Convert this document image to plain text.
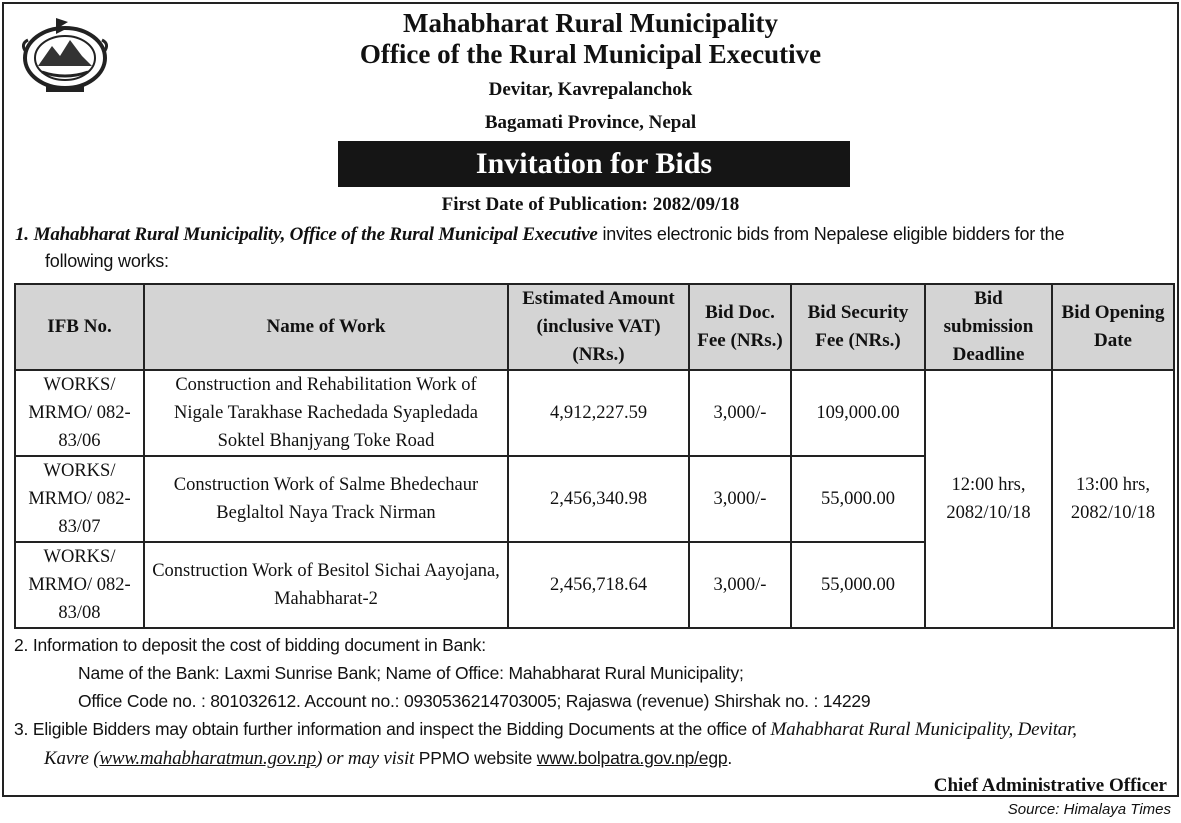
Mahabharat Rural Municipality
Office of the Rural Municipal Executive
Devitar, Kavrepalanchok
Bagamati Province, Nepal
Invitation for Bids
First Date of Publication: 2082/09/18
1. Mahabharat Rural Municipality, Office of the Rural Municipal Executive invites electronic bids from Nepalese eligible bidders for the
following works:
IFB No.	Name of Work	Estimated Amount (inclusive VAT) (NRs.)	Bid Doc. Fee (NRs.)	Bid Security Fee (NRs.)	Bid submission Deadline	Bid Opening Date
WORKS/ MRMO/ 082-83/06	Construction and Rehabilitation Work of Nigale Tarakhase Rachedada Syapledada Soktel Bhanjyang Toke Road	4,912,227.59	3,000/-	109,000.00	12:00 hrs, 2082/10/18	13:00 hrs, 2082/10/18
WORKS/ MRMO/ 082-83/07	Construction Work of Salme Bhedechaur Beglaltol Naya Track Nirman	2,456,340.98	3,000/-	55,000.00		
WORKS/ MRMO/ 082-83/08	Construction Work of Besitol Sichai Aayojana, Mahabharat-2	2,456,718.64	3,000/-	55,000.00		
2. Information to deposit the cost of bidding document in Bank:
Name of the Bank: Laxmi Sunrise Bank; Name of Office: Mahabharat Rural Municipality;
Office Code no. : 801032612. Account no.: 0930536214703005; Rajaswa (revenue) Shirshak no. : 14229
3. Eligible Bidders may obtain further information and inspect the Bidding Documents at the office of Mahabharat Rural Municipality, Devitar,
Kavre (www.mahabharatmun.gov.np) or may visit PPMO website www.bolpatra.gov.np/egp.
Chief Administrative Officer
Source: Himalaya Times
